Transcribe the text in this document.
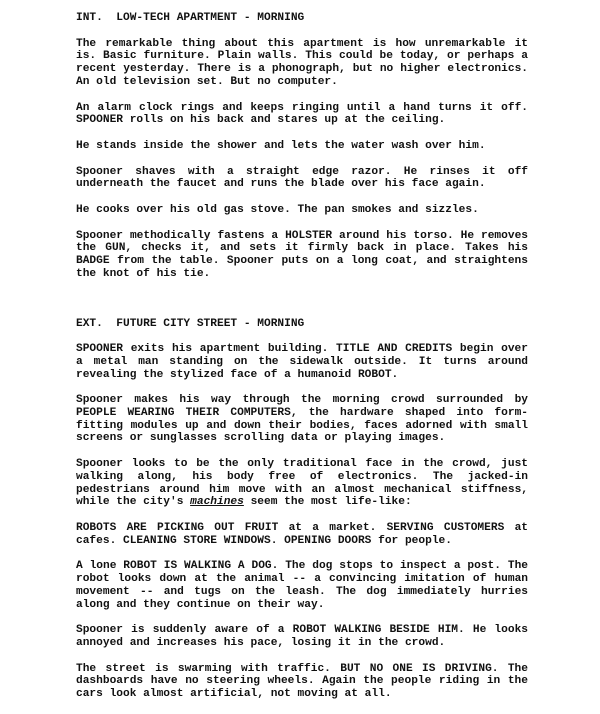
INT.  LOW-TECH APARTMENT - MORNING

The remarkable thing about this apartment is how unremarkable it is. Basic furniture. Plain walls. This could be today, or perhaps a recent yesterday. There is a phonograph, but no higher electronics. An old television set. But no computer.

An alarm clock rings and keeps ringing until a hand turns it off. SPOONER rolls on his back and stares up at the ceiling.

He stands inside the shower and lets the water wash over him.

Spooner shaves with a straight edge razor. He rinses it off underneath the faucet and runs the blade over his face again.

He cooks over his old gas stove. The pan smokes and sizzles.

Spooner methodically fastens a HOLSTER around his torso. He removes the GUN, checks it, and sets it firmly back in place. Takes his BADGE from the table. Spooner puts on a long coat, and straightens the knot of his tie.

EXT.  FUTURE CITY STREET - MORNING

SPOONER exits his apartment building. TITLE AND CREDITS begin over a metal man standing on the sidewalk outside. It turns around revealing the stylized face of a humanoid ROBOT.

Spooner makes his way through the morning crowd surrounded by PEOPLE WEARING THEIR COMPUTERS, the hardware shaped into form-fitting modules up and down their bodies, faces adorned with small screens or sunglasses scrolling data or playing images.

Spooner looks to be the only traditional face in the crowd, just walking along, his body free of electronics. The jacked-in pedestrians around him move with an almost mechanical stiffness, while the city's machines seem the most life-like:

ROBOTS ARE PICKING OUT FRUIT at a market. SERVING CUSTOMERS at cafes. CLEANING STORE WINDOWS. OPENING DOORS for people.

A lone ROBOT IS WALKING A DOG. The dog stops to inspect a post. The robot looks down at the animal -- a convincing imitation of human movement -- and tugs on the leash. The dog immediately hurries along and they continue on their way.

Spooner is suddenly aware of a ROBOT WALKING BESIDE HIM. He looks annoyed and increases his pace, losing it in the crowd.

The street is swarming with traffic. BUT NO ONE IS DRIVING. The dashboards have no steering wheels. Again the people riding in the cars look almost artificial, not moving at all.
